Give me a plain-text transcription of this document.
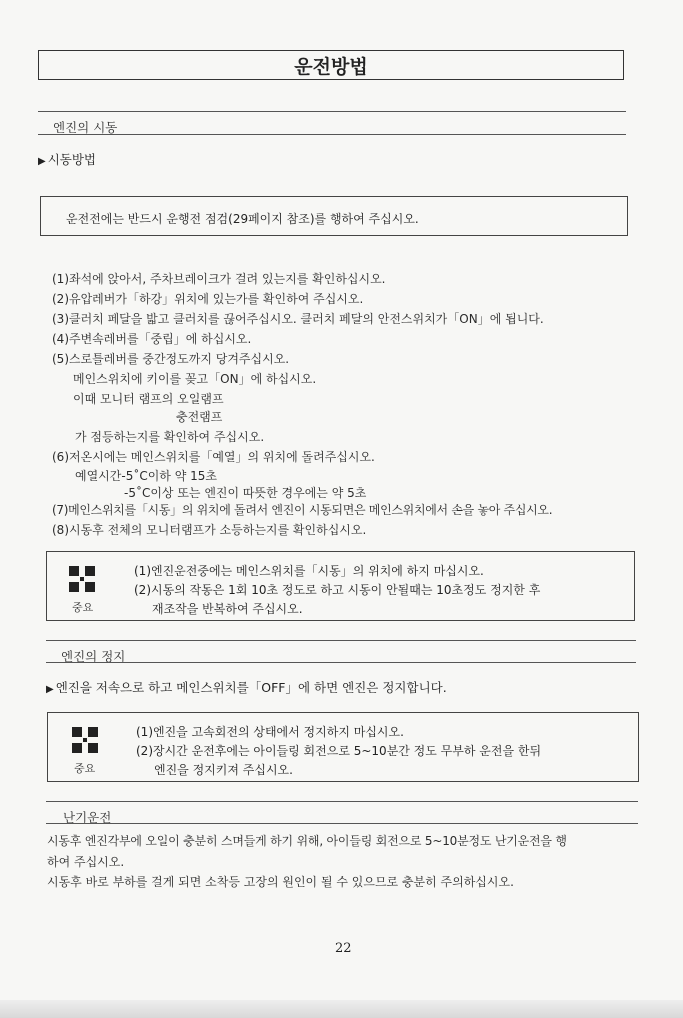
운전방법
엔진의 시동
▶ 시동방법
운전전에는 반드시 운행전 점검(29페이지 참조)를 행하여 주십시오.
(1)좌석에 앉아서, 주차브레이크가 걸려 있는지를 확인하십시오.
(2)유압레버가「하강」위치에 있는가를 확인하여 주십시오.
(3)클러치 페달을 밟고 클러치를 끊어주십시오. 클러치 페달의 안전스위치가「ON」에 됩니다.
(4)주변속레버를「중립」에 하십시오.
(5)스로틀레버를 중간정도까지 당겨주십시오.
메인스위치에 키이를 꽂고「ON」에 하십시오.
이때 모니터 램프의 오일램프
충전램프
가 점등하는지를 확인하여 주십시오.
(6)저온시에는 메인스위치를「예열」의 위치에 돌려주십시오.
예열시간-5˚C이하 약 15초
-5˚C이상 또는 엔진이 따뜻한 경우에는 약 5초
(7)메인스위치를「시동」의 위치에 돌려서 엔진이 시동되면은 메인스위치에서 손을 놓아 주십시오.
(8)시동후 전체의 모니터램프가 소등하는지를 확인하십시오.
중요
(1)엔진운전중에는 메인스위치를「시동」의 위치에 하지 마십시오.
(2)시동의 작동은 1회 10초 정도로 하고 시동이 안될때는 10초정도 정지한 후
재조작을 반복하여 주십시오.
엔진의 정지
▶ 엔진을 저속으로 하고 메인스위치를「OFF」에 하면 엔진은 정지합니다.
중요
(1)엔진을 고속회전의 상태에서 정지하지 마십시오.
(2)장시간 운전후에는 아이들링 회전으로 5~10분간 정도 무부하 운전을 한뒤
엔진을 정지키져 주십시오.
난기운전
시동후 엔진각부에 오일이 충분히 스며들게 하기 위해, 아이들링 회전으로 5~10분정도 난기운전을 행
하여 주십시오.
시동후 바로 부하를 걸게 되면 소착등 고장의 원인이 될 수 있으므로 충분히 주의하십시오.
22
